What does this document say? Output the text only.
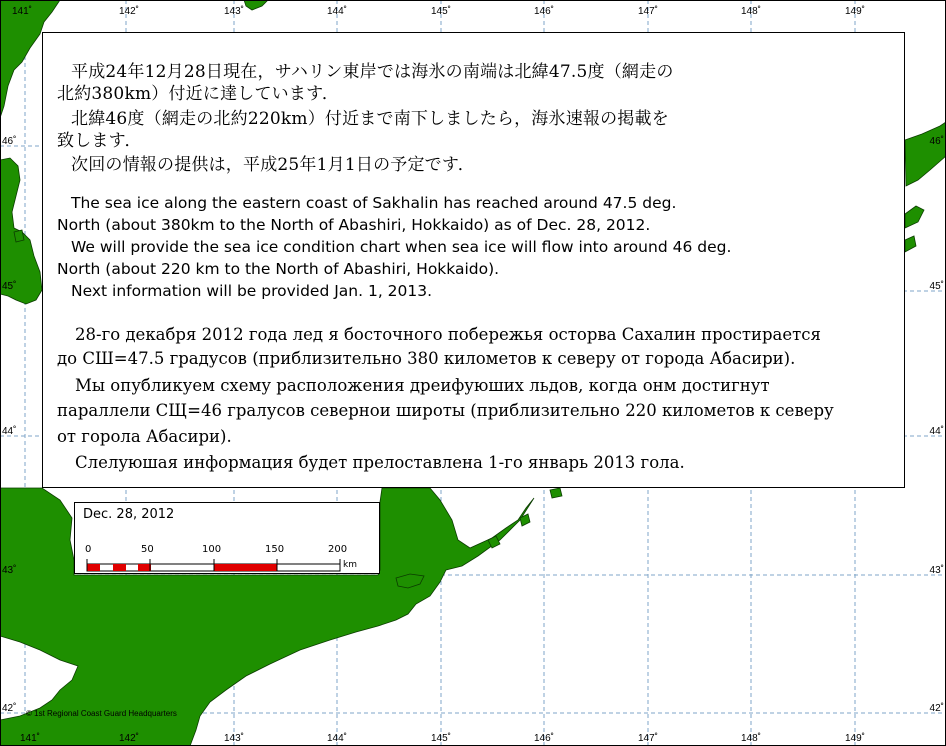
141˚	142˚	143˚	144˚	145˚	146˚	147˚	148˚	149˚
141˚	142˚	143˚	144˚	145˚	146˚	147˚	148˚	149˚
46˚
45˚
44˚
43˚
42˚
46˚
45˚
44˚
43˚
42˚
平成24年12月28日現在，サハリン東岸では海氷の南端は北緯47.5度（網走の
北約380km）付近に達しています．
北緯46度（網走の北約220km）付近まで南下しましたら，海氷速報の掲載を
致します．
次回の情報の提供は，平成25年1月1日の予定です．
The sea ice along the eastern coast of Sakhalin has reached around 47.5 deg.
North (about 380km to the North of Abashiri, Hokkaido) as of Dec. 28, 2012.
We will provide the sea ice condition chart when sea ice will flow into around 46 deg.
North (about 220 km to the North of Abashiri, Hokkaido).
Next information will be provided Jan. 1, 2013.
28-го декабря 2012 года лед я босточного побережья осторва Сахалин простирается
до СШ=47.5 градусов (приблизительно 380 километов к северу от города Абасири).
Мы опубликуем схему расположения дреифуюших льдов, когда онм достигнут
параллели СЩ=46 гралусов севернои широты (приблизительно 220 километов к северу
от горола Абасири).
Слелуюшая информация будет прелоставлена 1-го январь 2013 гола.
Dec. 28, 2012
0	50	100	150	200
km
© 1st Regional Coast Guard Headquarters
